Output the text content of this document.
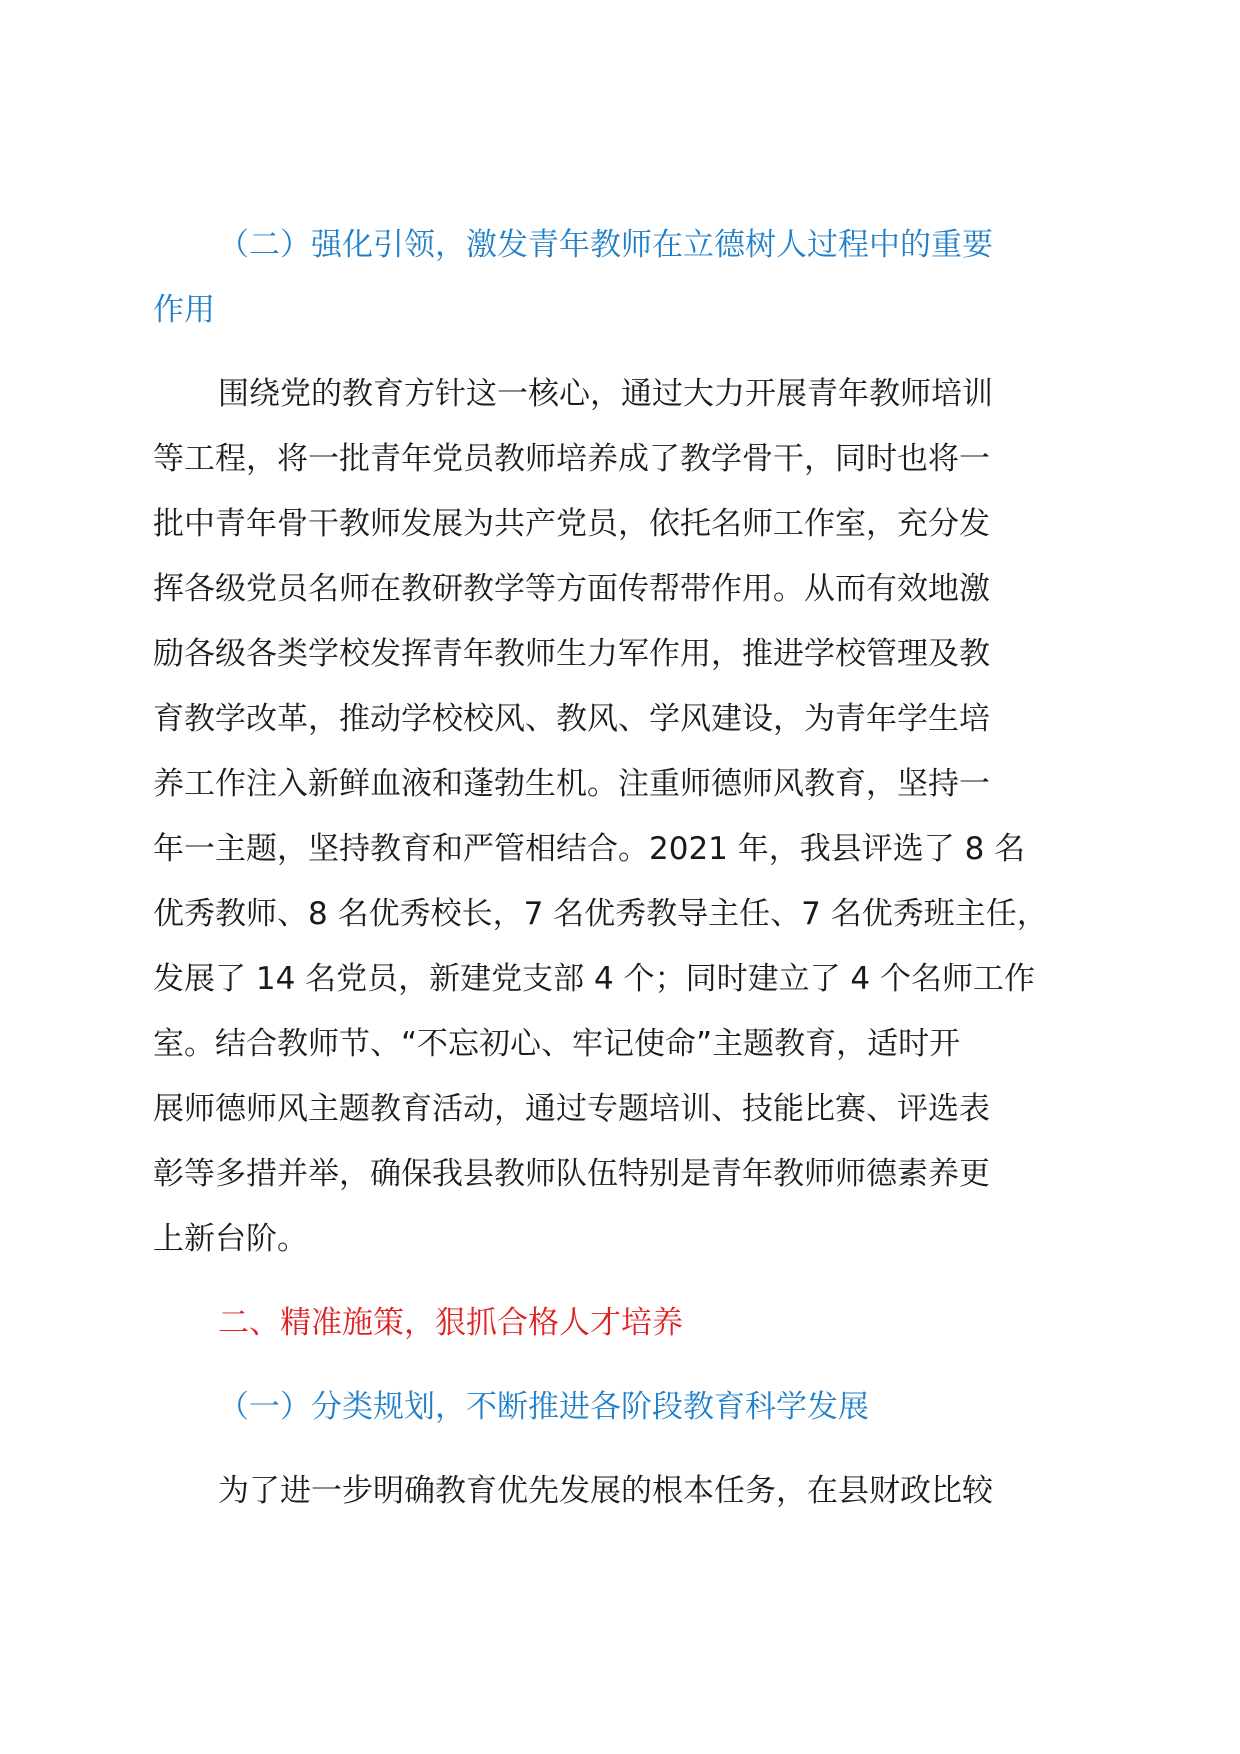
（二）强化引领，激发青年教师在立德树人过程中的重要
作用
围绕党的教育方针这一核心，通过大力开展青年教师培训
等工程，将一批青年党员教师培养成了教学骨干，同时也将一
批中青年骨干教师发展为共产党员，依托名师工作室，充分发
挥各级党员名师在教研教学等方面传帮带作用。从而有效地激
励各级各类学校发挥青年教师生力军作用，推进学校管理及教
育教学改革，推动学校校风、教风、学风建设，为青年学生培
养工作注入新鲜血液和蓬勃生机。注重师德师风教育，坚持一
年一主题，坚持教育和严管相结合。2021 年，我县评选了 8 名
优秀教师、8 名优秀校长，7 名优秀教导主任、7 名优秀班主任，
发展了 14 名党员，新建党支部 4 个；同时建立了 4 个名师工作
室。结合教师节、“不忘初心、牢记使命”主题教育，适时开
展师德师风主题教育活动，通过专题培训、技能比赛、评选表
彰等多措并举，确保我县教师队伍特别是青年教师师德素养更
上新台阶。
二、精准施策，狠抓合格人才培养
（一）分类规划，不断推进各阶段教育科学发展
为了进一步明确教育优先发展的根本任务，在县财政比较
